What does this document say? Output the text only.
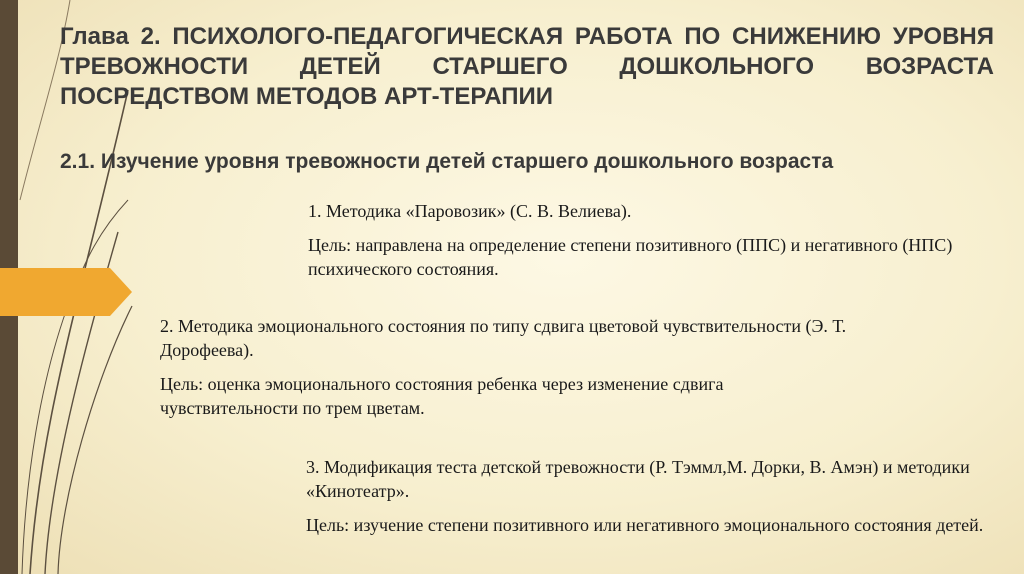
Глава 2. ПСИХОЛОГО-ПЕДАГОГИЧЕСКАЯ РАБОТА ПО СНИЖЕНИЮ УРОВНЯ ТРЕВОЖНОСТИ ДЕТЕЙ СТАРШЕГО ДОШКОЛЬНОГО ВОЗРАСТА ПОСРЕДСТВОМ МЕТОДОВ АРТ-ТЕРАПИИ
2.1. Изучение уровня тревожности детей старшего дошкольного возраста

1. Методика «Паровозик» (С. В. Велиева).

Цель: направлена на определение степени позитивного (ППС) и негативного (НПС) психического состояния.

2. Методика эмоционального состояния по типу сдвига цветовой чувствительности (Э. Т. Дорофеева).

Цель: оценка эмоционального состояния ребенка через изменение сдвига чувствительности по трем цветам.

3. Модификация теста детской тревожности (Р. Тэммл,М. Дорки, В. Амэн) и методики «Кинотеатр».

Цель: изучение степени позитивного или негативного эмоционального состояния детей.
